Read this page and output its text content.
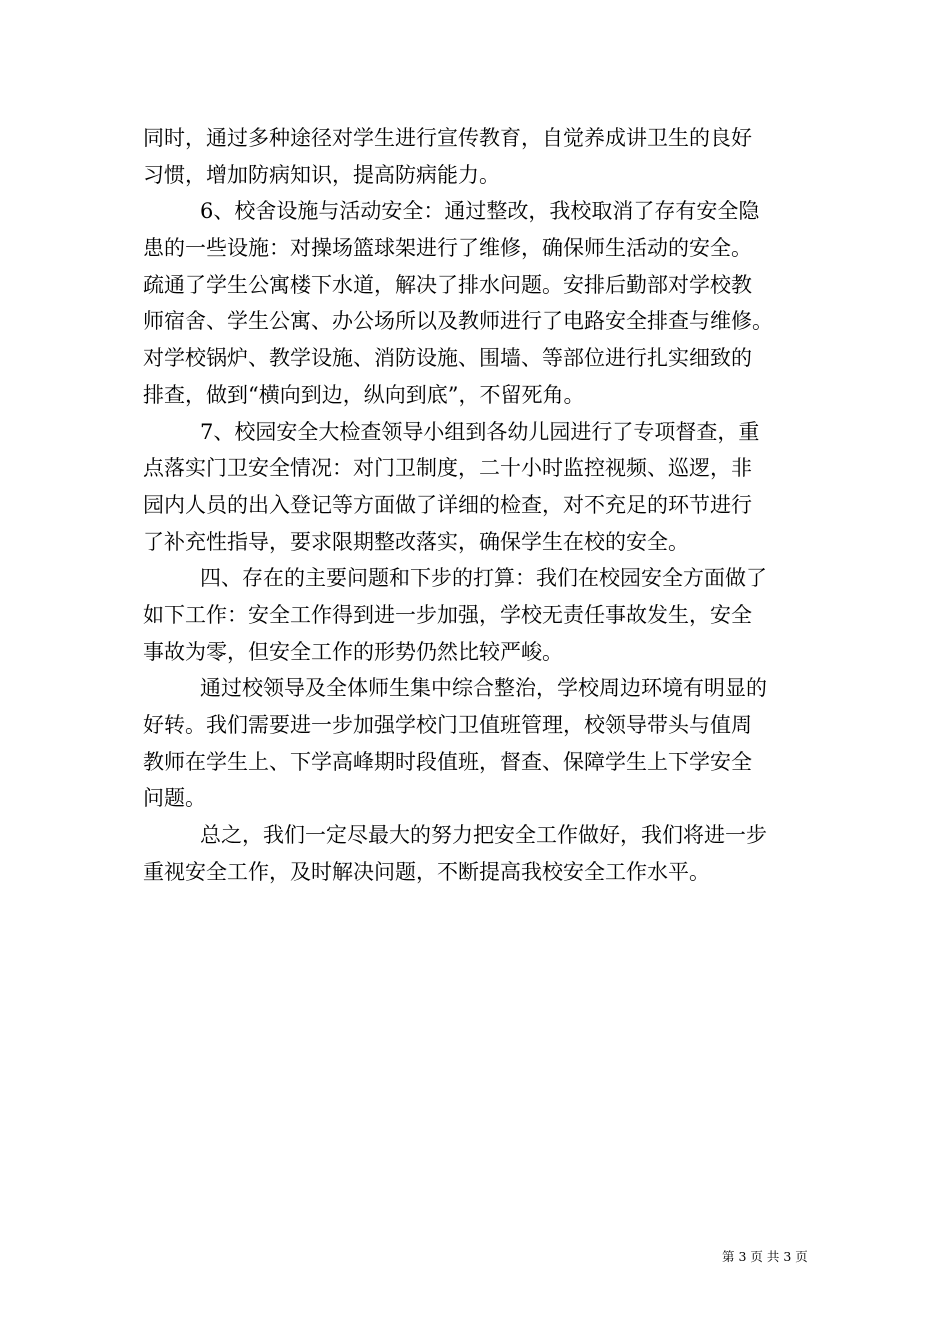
同时，通过多种途径对学生进行宣传教育，自觉养成讲卫生的良好
习惯，增加防病知识，提高防病能力。
6、校舍设施与活动安全：通过整改，我校取消了存有安全隐
患的一些设施：对操场篮球架进行了维修，确保师生活动的安全。
疏通了学生公寓楼下水道，解决了排水问题。安排后勤部对学校教
师宿舍、学生公寓、办公场所以及教师进行了电路安全排查与维修。
对学校锅炉、教学设施、消防设施、围墙、等部位进行扎实细致的
排查，做到“横向到边，纵向到底”，不留死角。
7、校园安全大检查领导小组到各幼儿园进行了专项督查，重
点落实门卫安全情况：对门卫制度，二十小时监控视频、巡逻，非
园内人员的出入登记等方面做了详细的检查，对不充足的环节进行
了补充性指导，要求限期整改落实，确保学生在校的安全。
四、存在的主要问题和下步的打算：我们在校园安全方面做了
如下工作：安全工作得到进一步加强，学校无责任事故发生，安全
事故为零，但安全工作的形势仍然比较严峻。
通过校领导及全体师生集中综合整治，学校周边环境有明显的
好转。我们需要进一步加强学校门卫值班管理，校领导带头与值周
教师在学生上、下学高峰期时段值班，督查、保障学生上下学安全
问题。
总之，我们一定尽最大的努力把安全工作做好，我们将进一步
重视安全工作，及时解决问题，不断提高我校安全工作水平。
第 3 页 共 3 页
